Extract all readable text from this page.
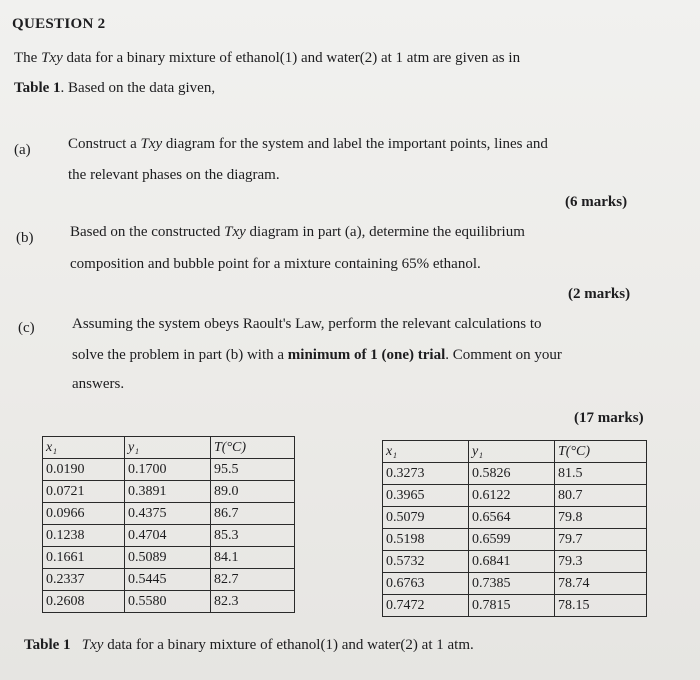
QUESTION 2
The Txy data for a binary mixture of ethanol(1) and water(2) at 1 atm are given as in
Table 1. Based on the data given,
(a) Construct a Txy diagram for the system and label the important points, lines and
the relevant phases on the diagram.
(6 marks)
(b) Based on the constructed Txy diagram in part (a), determine the equilibrium
composition and bubble point for a mixture containing 65% ethanol.
(2 marks)
(c) Assuming the system obeys Raoult's Law, perform the relevant calculations to
solve the problem in part (b) with a minimum of 1 (one) trial. Comment on your
answers.
(17 marks)
x₁	y₁	T(°C)
0.0190	0.1700	95.5
0.0721	0.3891	89.0
0.0966	0.4375	86.7
0.1238	0.4704	85.3
0.1661	0.5089	84.1
0.2337	0.5445	82.7
0.2608	0.5580	82.3
x₁	y₁	T(°C)
0.3273	0.5826	81.5
0.3965	0.6122	80.7
0.5079	0.6564	79.8
0.5198	0.6599	79.7
0.5732	0.6841	79.3
0.6763	0.7385	78.74
0.7472	0.7815	78.15
Table 1 Txy data for a binary mixture of ethanol(1) and water(2) at 1 atm.
